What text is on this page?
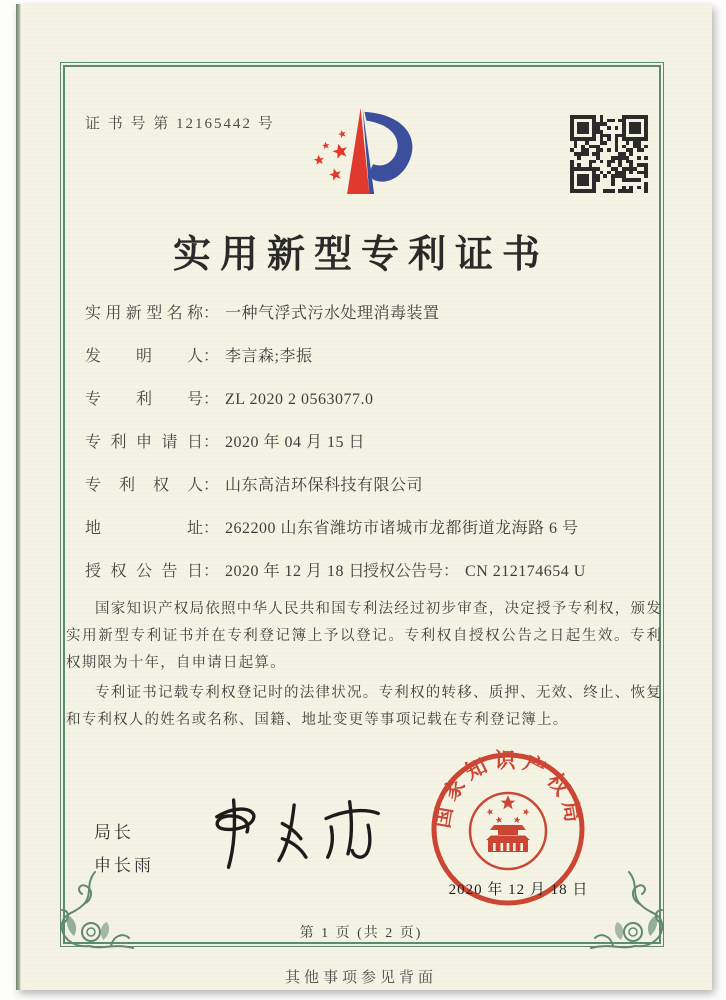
证 书 号 第 12165442 号
实用新型专利证书
实用新型名称： 一种气浮式污水处理消毒装置
发明人： 李言森;李振
专利号： ZL 2020 2 0563077.0
专利申请日： 2020 年 04 月 15 日
专利权人： 山东高洁环保科技有限公司
地址： 262200 山东省潍坊市诸城市龙都街道龙海路 6 号
授权公告日： 2020 年 12 月 18 日 授权公告号： CN 212174654 U

国家知识产权局依照中华人民共和国专利法经过初步审查，决定授予专利权，颁发实用新型专利证书并在专利登记簿上予以登记。专利权自授权公告之日起生效。专利权期限为十年，自申请日起算。

专利证书记载专利权登记时的法律状况。专利权的转移、质押、无效、终止、恢复和专利权人的姓名或名称、国籍、地址变更等事项记载在专利登记簿上。

局长
申长雨
国家知识产权局
2020 年 12 月 18 日
第 1 页 (共 2 页)
其他事项参见背面
